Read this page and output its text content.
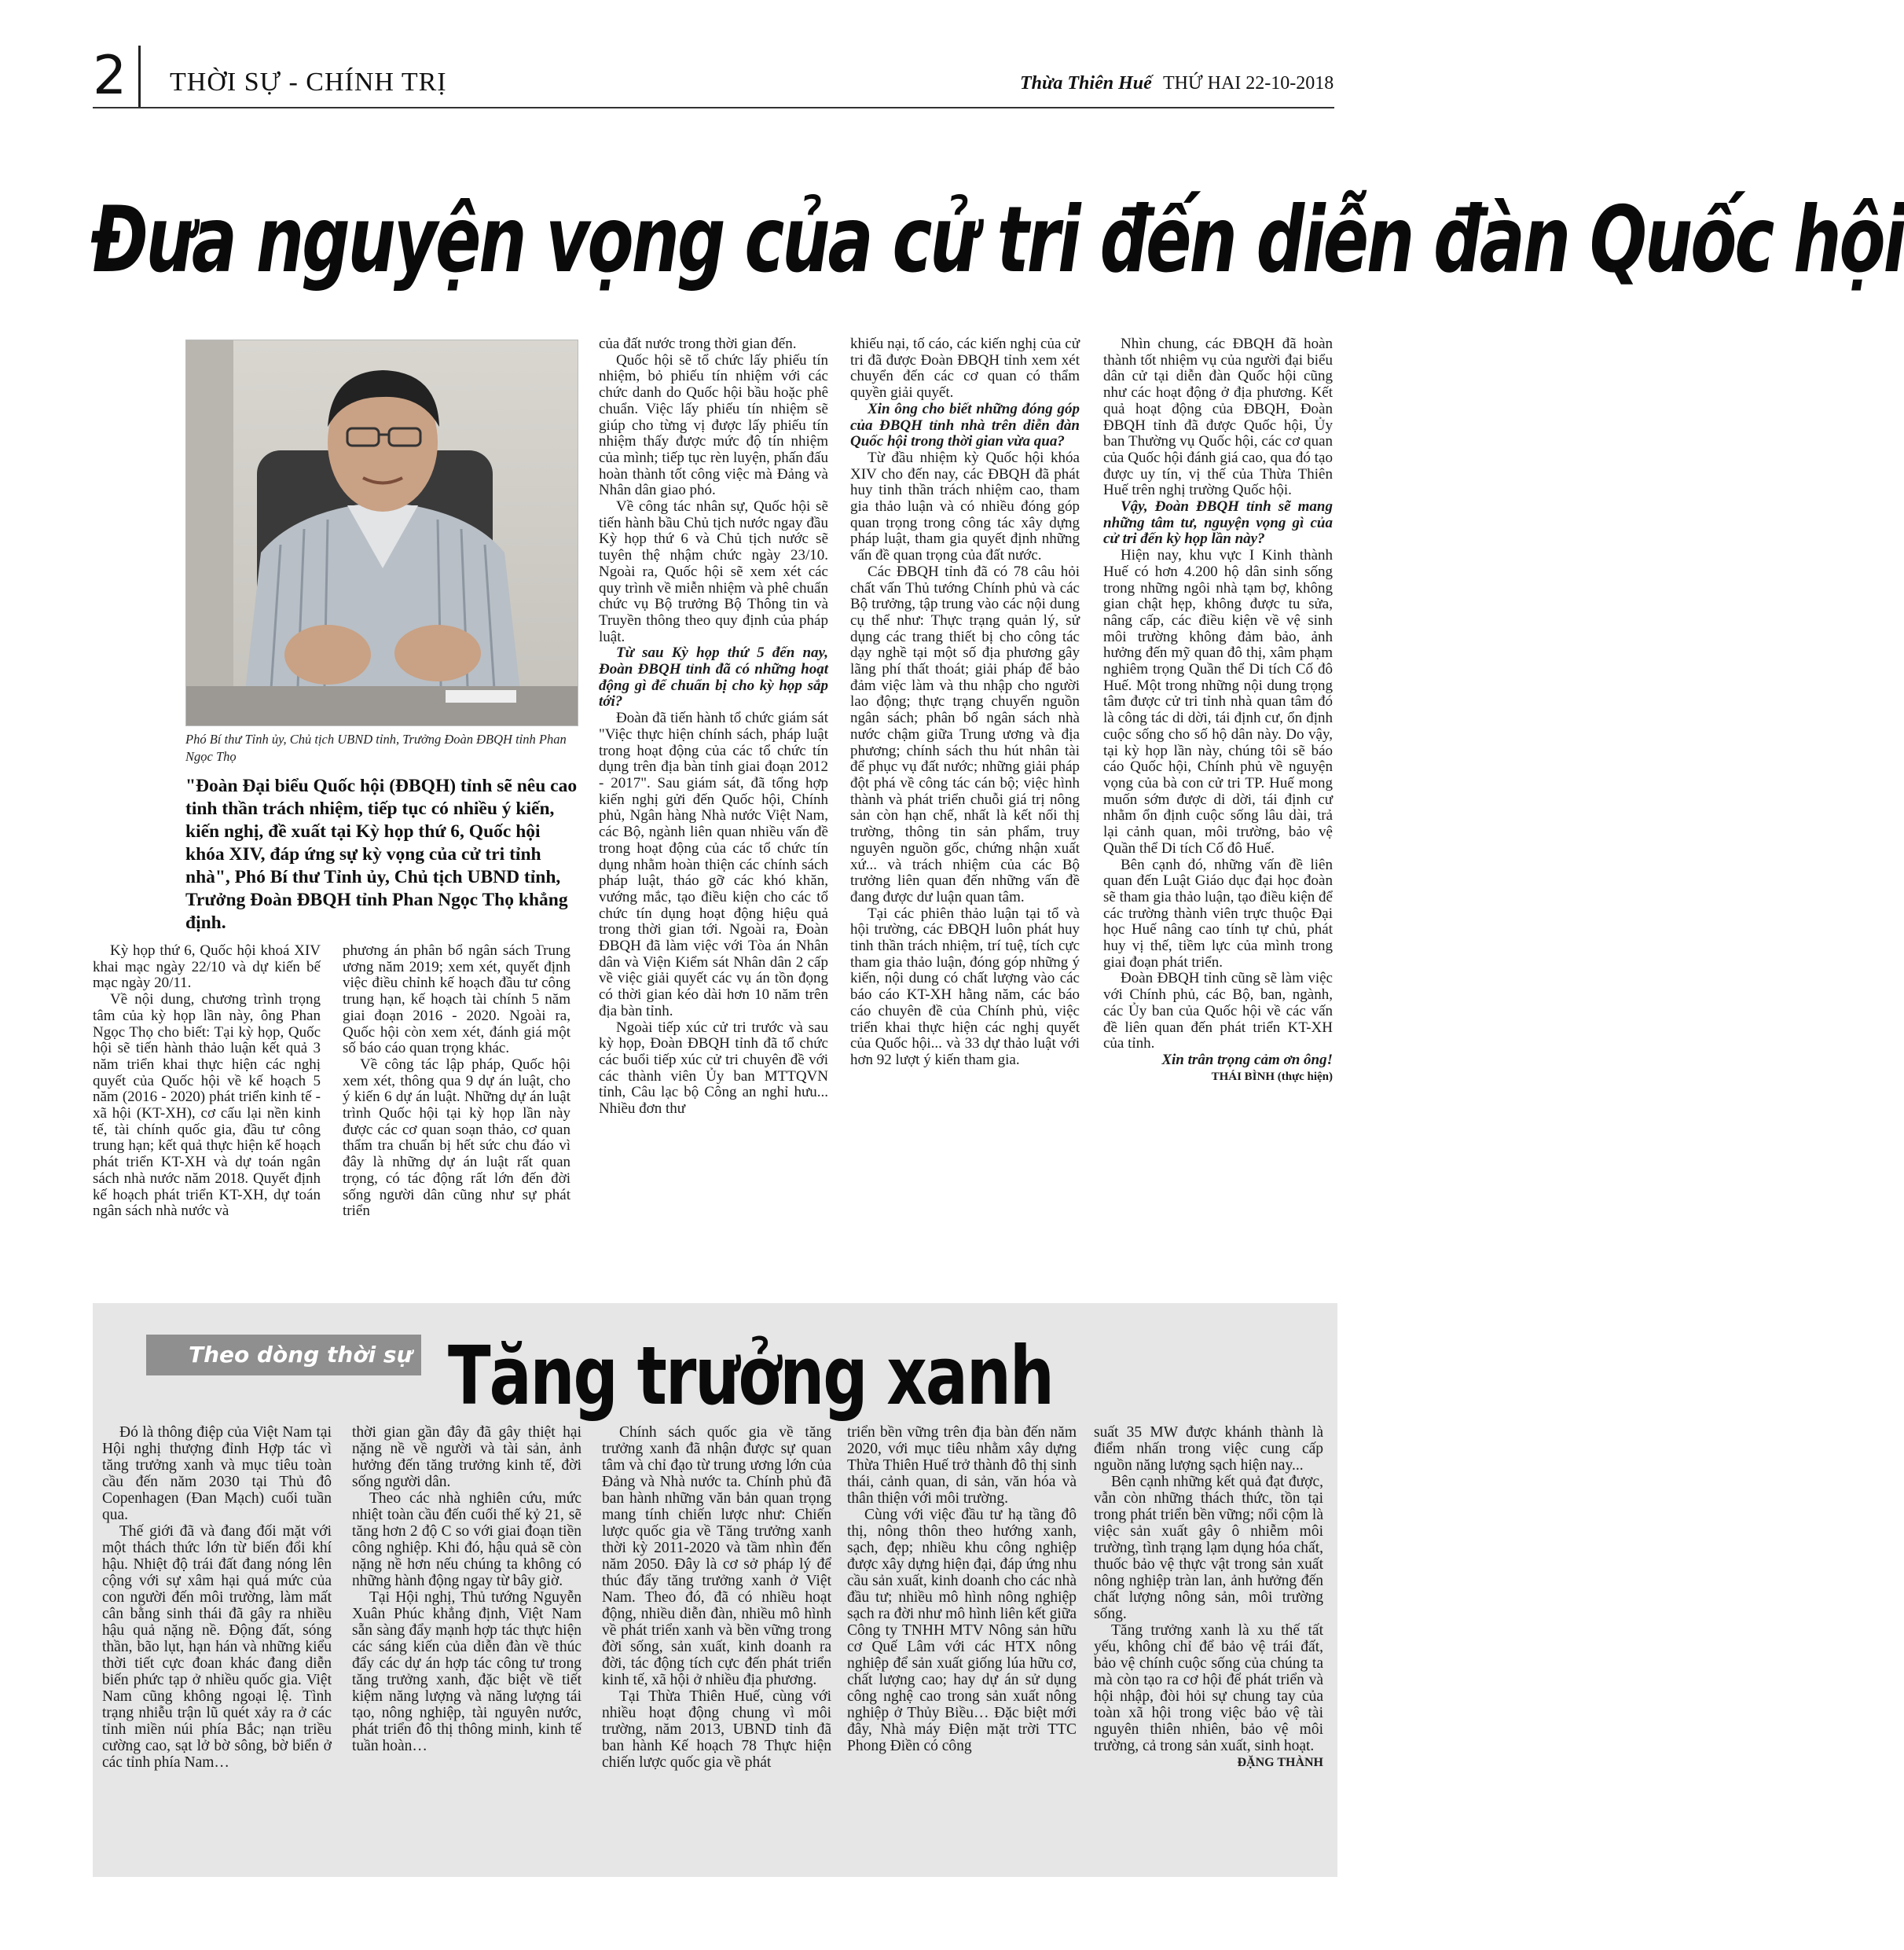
2 THỜI SỰ - CHÍNH TRỊ	Thừa Thiên Huế THỨ HAI 22-10-2018
Đưa nguyện vọng của cử tri đến diễn đàn Quốc hội
Phó Bí thư Tỉnh ủy, Chủ tịch UBND tỉnh, Trưởng Đoàn ĐBQH tỉnh Phan Ngọc Thọ
"Đoàn Đại biểu Quốc hội (ĐBQH) tỉnh sẽ nêu cao tinh thần trách nhiệm, tiếp tục có nhiều ý kiến, kiến nghị, đề xuất tại Kỳ họp thứ 6, Quốc hội khóa XIV, đáp ứng sự kỳ vọng của cử tri tỉnh nhà", Phó Bí thư Tỉnh ủy, Chủ tịch UBND tỉnh, Trưởng Đoàn ĐBQH tỉnh Phan Ngọc Thọ khẳng định.

Kỳ họp thứ 6, Quốc hội khoá XIV khai mạc ngày 22/10 và dự kiến bế mạc ngày 20/11.

Về nội dung, chương trình trọng tâm của kỳ họp lần này, ông Phan Ngọc Thọ cho biết: Tại kỳ họp, Quốc hội sẽ tiến hành thảo luận kết quả 3 năm triển khai thực hiện các nghị quyết của Quốc hội về kế hoạch 5 năm (2016 - 2020) phát triển kinh tế - xã hội (KT-XH), cơ cấu lại nền kinh tế, tài chính quốc gia, đầu tư công trung hạn; kết quả thực hiện kế hoạch phát triển KT-XH và dự toán ngân sách nhà nước năm 2018. Quyết định kế hoạch phát triển KT-XH, dự toán ngân sách nhà nước và

phương án phân bổ ngân sách Trung ương năm 2019; xem xét, quyết định việc điều chỉnh kế hoạch đầu tư công trung hạn, kế hoạch tài chính 5 năm giai đoạn 2016 - 2020. Ngoài ra, Quốc hội còn xem xét, đánh giá một số báo cáo quan trọng khác.

Về công tác lập pháp, Quốc hội xem xét, thông qua 9 dự án luật, cho ý kiến 6 dự án luật. Những dự án luật trình Quốc hội tại kỳ họp lần này được các cơ quan soạn thảo, cơ quan thẩm tra chuẩn bị hết sức chu đáo vì đây là những dự án luật rất quan trọng, có tác động rất lớn đến đời sống người dân cũng như sự phát triển

của đất nước trong thời gian đến.

Quốc hội sẽ tổ chức lấy phiếu tín nhiệm, bỏ phiếu tín nhiệm với các chức danh do Quốc hội bầu hoặc phê chuẩn. Việc lấy phiếu tín nhiệm sẽ giúp cho từng vị được lấy phiếu tín nhiệm thấy được mức độ tín nhiệm của mình; tiếp tục rèn luyện, phấn đấu hoàn thành tốt công việc mà Đảng và Nhân dân giao phó.

Về công tác nhân sự, Quốc hội sẽ tiến hành bầu Chủ tịch nước ngay đầu Kỳ họp thứ 6 và Chủ tịch nước sẽ tuyên thệ nhậm chức ngày 23/10. Ngoài ra, Quốc hội sẽ xem xét các quy trình về miễn nhiệm và phê chuẩn chức vụ Bộ trưởng Bộ Thông tin và Truyền thông theo quy định của pháp luật.

Từ sau Kỳ họp thứ 5 đến nay, Đoàn ĐBQH tỉnh đã có những hoạt động gì để chuẩn bị cho kỳ họp sắp tới?

Đoàn đã tiến hành tổ chức giám sát "Việc thực hiện chính sách, pháp luật trong hoạt động của các tổ chức tín dụng trên địa bàn tỉnh giai đoạn 2012 - 2017". Sau giám sát, đã tổng hợp kiến nghị gửi đến Quốc hội, Chính phủ, Ngân hàng Nhà nước Việt Nam, các Bộ, ngành liên quan nhiều vấn đề trong hoạt động của các tổ chức tín dụng nhằm hoàn thiện các chính sách pháp luật, tháo gỡ các khó khăn, vướng mắc, tạo điều kiện cho các tổ chức tín dụng hoạt động hiệu quả trong thời gian tới. Ngoài ra, Đoàn ĐBQH đã làm việc với Tòa án Nhân dân và Viện Kiểm sát Nhân dân 2 cấp về việc giải quyết các vụ án tồn đọng có thời gian kéo dài hơn 10 năm trên địa bàn tỉnh.

Ngoài tiếp xúc cử tri trước và sau kỳ họp, Đoàn ĐBQH tỉnh đã tổ chức các buổi tiếp xúc cử tri chuyên đề với các thành viên Ủy ban MTTQVN tỉnh, Câu lạc bộ Công an nghỉ hưu... Nhiều đơn thư

khiếu nại, tố cáo, các kiến nghị của cử tri đã được Đoàn ĐBQH tỉnh xem xét chuyển đến các cơ quan có thẩm quyền giải quyết.

Xin ông cho biết những đóng góp của ĐBQH tỉnh nhà trên diễn đàn Quốc hội trong thời gian vừa qua?

Từ đầu nhiệm kỳ Quốc hội khóa XIV cho đến nay, các ĐBQH đã phát huy tinh thần trách nhiệm cao, tham gia thảo luận và có nhiều đóng góp quan trọng trong công tác xây dựng pháp luật, tham gia quyết định những vấn đề quan trọng của đất nước.

Các ĐBQH tỉnh đã có 78 câu hỏi chất vấn Thủ tướng Chính phủ và các Bộ trưởng, tập trung vào các nội dung cụ thể như: Thực trạng quản lý, sử dụng các trang thiết bị cho công tác dạy nghề tại một số địa phương gây lãng phí thất thoát; giải pháp để bảo đảm việc làm và thu nhập cho người lao động; thực trạng chuyển nguồn ngân sách; phân bổ ngân sách nhà nước chậm giữa Trung ương và địa phương; chính sách thu hút nhân tài để phục vụ đất nước; những giải pháp đột phá về công tác cán bộ; việc hình thành và phát triển chuỗi giá trị nông sản còn hạn chế, nhất là kết nối thị trường, thông tin sản phẩm, truy nguyên nguồn gốc, chứng nhận xuất xứ... và trách nhiệm của các Bộ trưởng liên quan đến những vấn đề đang được dư luận quan tâm.

Tại các phiên thảo luận tại tổ và hội trường, các ĐBQH luôn phát huy tinh thần trách nhiệm, trí tuệ, tích cực tham gia thảo luận, đóng góp những ý kiến, nội dung có chất lượng vào các báo cáo KT-XH hằng năm, các báo cáo chuyên đề của Chính phủ, việc triển khai thực hiện các nghị quyết của Quốc hội... và 33 dự thảo luật với hơn 92 lượt ý kiến tham gia.

Nhìn chung, các ĐBQH đã hoàn thành tốt nhiệm vụ của người đại biểu dân cử tại diễn đàn Quốc hội cũng như các hoạt động ở địa phương. Kết quả hoạt động của ĐBQH, Đoàn ĐBQH tỉnh đã được Quốc hội, Ủy ban Thường vụ Quốc hội, các cơ quan của Quốc hội đánh giá cao, qua đó tạo được uy tín, vị thế của Thừa Thiên Huế trên nghị trường Quốc hội.

Vậy, Đoàn ĐBQH tỉnh sẽ mang những tâm tư, nguyện vọng gì của cử tri đến kỳ họp lần này?

Hiện nay, khu vực I Kinh thành Huế có hơn 4.200 hộ dân sinh sống trong những ngôi nhà tạm bợ, không gian chật hẹp, không được tu sửa, nâng cấp, các điều kiện về vệ sinh môi trường không đảm bảo, ảnh hưởng đến mỹ quan đô thị, xâm phạm nghiêm trọng Quần thể Di tích Cố đô Huế. Một trong những nội dung trọng tâm được cử tri tỉnh nhà quan tâm đó là công tác di dời, tái định cư, ổn định cuộc sống cho số hộ dân này. Do vậy, tại kỳ họp lần này, chúng tôi sẽ báo cáo Quốc hội, Chính phủ về nguyện vọng của bà con cử tri TP. Huế mong muốn sớm được di dời, tái định cư nhằm ổn định cuộc sống lâu dài, trả lại cảnh quan, môi trường, bảo vệ Quần thể Di tích Cố đô Huế.

Bên cạnh đó, những vấn đề liên quan đến Luật Giáo dục đại học đoàn sẽ tham gia thảo luận, tạo điều kiện để các trường thành viên trực thuộc Đại học Huế nâng cao tính tự chủ, phát huy vị thế, tiềm lực của mình trong giai đoạn phát triển.

Đoàn ĐBQH tỉnh cũng sẽ làm việc với Chính phủ, các Bộ, ban, ngành, các Ủy ban của Quốc hội về các vấn đề liên quan đến phát triển KT-XH của tỉnh.

Xin trân trọng cảm ơn ông!

THÁI BÌNH (thực hiện)

Theo dòng thời sự Tăng trưởng xanh

Đó là thông điệp của Việt Nam tại Hội nghị thượng đỉnh Hợp tác vì tăng trưởng xanh và mục tiêu toàn cầu đến năm 2030 tại Thủ đô Copenhagen (Đan Mạch) cuối tuần qua.

Thế giới đã và đang đối mặt với một thách thức lớn từ biến đổi khí hậu. Nhiệt độ trái đất đang nóng lên cộng với sự xâm hại quá mức của con người đến môi trường, làm mất cân bằng sinh thái đã gây ra nhiều hậu quả nặng nề. Động đất, sóng thần, bão lụt, hạn hán và những kiểu thời tiết cực đoan khác đang diễn biến phức tạp ở nhiều quốc gia. Việt Nam cũng không ngoại lệ. Tình trạng nhiễu trận lũ quét xảy ra ở các tỉnh miền núi phía Bắc; nạn triều cường cao, sạt lở bờ sông, bờ biển ở các tỉnh phía Nam…

thời gian gần đây đã gây thiệt hại nặng nề về người và tài sản, ảnh hưởng đến tăng trưởng kinh tế, đời sống người dân.

Theo các nhà nghiên cứu, mức nhiệt toàn cầu đến cuối thế kỷ 21, sẽ tăng hơn 2 độ C so với giai đoạn tiền công nghiệp. Khi đó, hậu quả sẽ còn nặng nề hơn nếu chúng ta không có những hành động ngay từ bây giờ.

Tại Hội nghị, Thủ tướng Nguyễn Xuân Phúc khẳng định, Việt Nam sẵn sàng đẩy mạnh hợp tác thực hiện các sáng kiến của diễn đàn về thúc đẩy các dự án hợp tác công tư trong tăng trưởng xanh, đặc biệt về tiết kiệm năng lượng và năng lượng tái tạo, nông nghiệp, tài nguyên nước, phát triển đô thị thông minh, kinh tế tuần hoàn…

Chính sách quốc gia về tăng trưởng xanh đã nhận được sự quan tâm và chỉ đạo từ trung ương lớn của Đảng và Nhà nước ta. Chính phủ đã ban hành những văn bản quan trọng mang tính chiến lược như: Chiến lược quốc gia về Tăng trưởng xanh thời kỳ 2011-2020 và tầm nhìn đến năm 2050. Đây là cơ sở pháp lý để thúc đẩy tăng trưởng xanh ở Việt Nam. Theo đó, đã có nhiều hoạt động, nhiều diễn đàn, nhiều mô hình về phát triển xanh và bền vững trong đời sống, sản xuất, kinh doanh ra đời, tác động tích cực đến phát triển kinh tế, xã hội ở nhiều địa phương.

Tại Thừa Thiên Huế, cùng với nhiều hoạt động chung vì môi trường, năm 2013, UBND tỉnh đã ban hành Kế hoạch 78 Thực hiện chiến lược quốc gia về phát

triển bền vững trên địa bàn đến năm 2020, với mục tiêu nhằm xây dựng Thừa Thiên Huế trở thành đô thị sinh thái, cảnh quan, di sản, văn hóa và thân thiện với môi trường.

Cùng với việc đầu tư hạ tầng đô thị, nông thôn theo hướng xanh, sạch, đẹp; nhiều khu công nghiệp được xây dựng hiện đại, đáp ứng nhu cầu sản xuất, kinh doanh cho các nhà đầu tư; nhiều mô hình nông nghiệp sạch ra đời như mô hình liên kết giữa Công ty TNHH MTV Nông sản hữu cơ Quế Lâm với các HTX nông nghiệp để sản xuất giống lúa hữu cơ, chất lượng cao; hay dự án sử dụng công nghệ cao trong sản xuất nông nghiệp ở Thủy Biều… Đặc biệt mới đây, Nhà máy Điện mặt trời TTC Phong Điền có công

suất 35 MW được khánh thành là điểm nhấn trong việc cung cấp nguồn năng lượng sạch hiện nay...

Bên cạnh những kết quả đạt được, vẫn còn những thách thức, tồn tại trong phát triển bền vững; nổi cộm là việc sản xuất gây ô nhiễm môi trường, tình trạng lạm dụng hóa chất, thuốc bảo vệ thực vật trong sản xuất nông nghiệp tràn lan, ảnh hưởng đến chất lượng nông sản, môi trường sống.

Tăng trưởng xanh là xu thế tất yếu, không chỉ để bảo vệ trái đất, bảo vệ chính cuộc sống của chúng ta mà còn tạo ra cơ hội để phát triển và hội nhập, đòi hỏi sự chung tay của toàn xã hội trong việc bảo vệ tài nguyên thiên nhiên, bảo vệ môi trường, cả trong sản xuất, sinh hoạt.

ĐẶNG THÀNH
